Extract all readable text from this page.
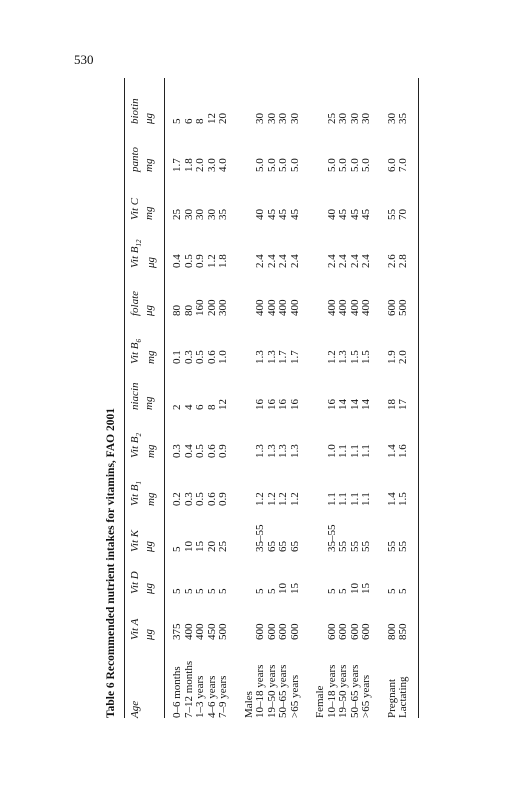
530
Table 6 Recommended nutrient intakes for vitamins, FAO 2001 Age
Vit A μg
Vit D μg
Vit K μg
Vit $B_1$
mg
Vit $B_2$
mg
niacin mg
Vit $B_6$
mg
folate μg
Vit $B_{12}$
μg
Vit C mg
panto mg
biotin μg
0–6 months
375
5
5
0.2
0.3
2
0.1
80
0.4
25
1.7
5
7–12 months
400
5
10
0.3
0.4
4
0.3
80
0.5
30
1.8
6
1–3 years
400
5
15
0.5
0.5
6
0.5
160
0.9
30
2.0
8
4–6 years
450
5
20
0.6
0.6
8
0.6
200
1.2
30
3.0
12
7–9 years
500
5
25
0.9
0.9
12
1.0
300
1.8
35
4.0
20
Males 10–18 years
600
5
35–55
1.2
1.3
16
1.3
400
2.4
40
5.0
30
19–50 years
600
5
65
1.2
1.3
16
1.3
400
2.4
45
5.0
30
50–65 years
600
10
65
1.2
1.3
16
1.7
400
2.4
45
5.0
30
>65 years
600
15
65
1.2
1.3
16
1.7
400
2.4
45
5.0
30
Female 10–18 years
600
5
35–55
1.1
1.0
16
1.2
400
2.4
40
5.0
25
19–50 years
600
5
55
1.1
1.1
14
1.3
400
2.4
45
5.0
30
50–65 years
600
10
55
1.1
1.1
14
1.5
400
2.4
45
5.0
30
>65 years
600
15
55
1.1
1.1
14
1.5
400
2.4
45
5.0
30
Pregnant
800
5
55
1.4
1.4
18
1.9
600
2.6
55
6.0
30
Lactating
850
5
55
1.5
1.6
17
2.0
500
2.8
70
7.0
35
